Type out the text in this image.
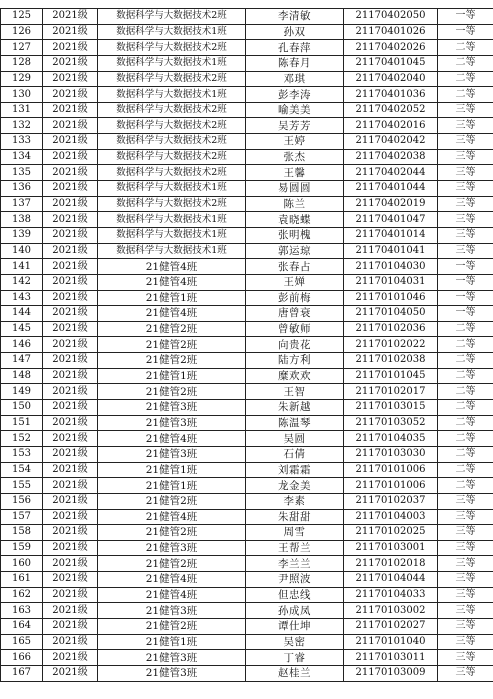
125	2021级	数据科学与大数据技术2班	李清敏	21170402050	一等
126	2021级	数据科学与大数据技术1班	孙双	21170401026	一等
127	2021级	数据科学与大数据技术2班	孔春萍	21170402026	二等
128	2021级	数据科学与大数据技术1班	陈春月	21170401045	二等
129	2021级	数据科学与大数据技术2班	邓琪	21170402040	二等
130	2021级	数据科学与大数据技术1班	彭李涛	21170401036	二等
131	2021级	数据科学与大数据技术2班	喻美美	21170402052	三等
132	2021级	数据科学与大数据技术2班	吴芳芳	21170402016	三等
133	2021级	数据科学与大数据技术2班	王婷	21170402042	三等
134	2021级	数据科学与大数据技术2班	张杰	21170402038	三等
135	2021级	数据科学与大数据技术2班	王馨	21170402044	三等
136	2021级	数据科学与大数据技术1班	易圆圆	21170401044	三等
137	2021级	数据科学与大数据技术2班	陈兰	21170402019	三等
138	2021级	数据科学与大数据技术1班	袁晓蝶	21170401047	三等
139	2021级	数据科学与大数据技术1班	张明槐	21170401014	三等
140	2021级	数据科学与大数据技术1班	郭运琼	21170401041	三等
141	2021级	21健管4班	张春占	21170104030	一等
142	2021级	21健管4班	王婵	21170104031	一等
143	2021级	21健管1班	彭前梅	21170101046	一等
144	2021级	21健管4班	唐曾衰	21170104050	一等
145	2021级	21健管2班	曾敏师	21170102036	二等
146	2021级	21健管2班	向贵花	21170102022	二等
147	2021级	21健管2班	陆方利	21170102038	二等
148	2021级	21健管1班	糜欢欢	21170101045	二等
149	2021级	21健管2班	王智	21170102017	二等
150	2021级	21健管3班	朱新越	21170103015	二等
151	2021级	21健管3班	陈温琴	21170103052	二等
152	2021级	21健管4班	吴圆	21170104035	二等
153	2021级	21健管3班	石倩	21170103030	二等
154	2021级	21健管1班	刘霜霜	21170101006	二等
155	2021级	21健管1班	龙金美	21170101006	二等
156	2021级	21健管2班	李素	21170102037	三等
157	2021级	21健管4班	朱甜甜	21170104003	三等
158	2021级	21健管2班	周雪	21170102025	三等
159	2021级	21健管3班	王帮兰	21170103001	三等
160	2021级	21健管2班	李兰兰	21170102018	三等
161	2021级	21健管4班	尹照波	21170104044	三等
162	2021级	21健管4班	但忠线	21170104033	三等
163	2021级	21健管3班	孙成凤	21170103002	三等
164	2021级	21健管2班	谭仕坤	21170102027	三等
165	2021级	21健管1班	吴密	21170101040	三等
166	2021级	21健管3班	丁睿	21170103011	三等
167	2021级	21健管3班	赵桂兰	21170103009	三等
